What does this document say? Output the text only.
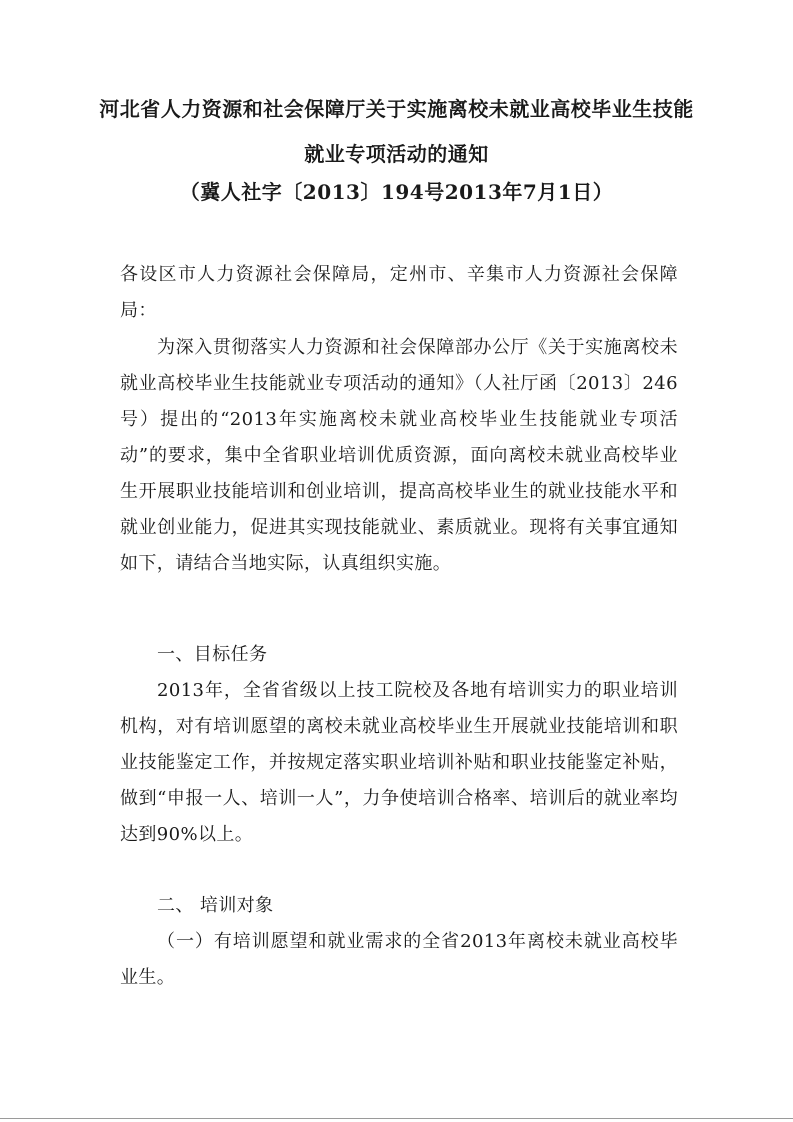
河北省人力资源和社会保障厅关于实施离校未就业高校毕业生技能
就业专项活动的通知
（冀人社字〔2013〕194号2013年7月1日）
各设区市人力资源社会保障局，定州市、辛集市人力资源社会保障局：
为深入贯彻落实人力资源和社会保障部办公厅《关于实施离校未就业高校毕业生技能就业专项活动的通知》（人社厅函〔2013〕246号）提出的“2013年实施离校未就业高校毕业生技能就业专项活动”的要求，集中全省职业培训优质资源，面向离校未就业高校毕业生开展职业技能培训和创业培训，提高高校毕业生的就业技能水平和就业创业能力，促进其实现技能就业、素质就业。现将有关事宜通知如下，请结合当地实际，认真组织实施。
一、目标任务
2013年，全省省级以上技工院校及各地有培训实力的职业培训机构，对有培训愿望的离校未就业高校毕业生开展就业技能培训和职业技能鉴定工作，并按规定落实职业培训补贴和职业技能鉴定补贴，做到“申报一人、培训一人”，力争使培训合格率、培训后的就业率均达到90%以上。
二、 培训对象
（一）有培训愿望和就业需求的全省2013年离校未就业高校毕业生。
